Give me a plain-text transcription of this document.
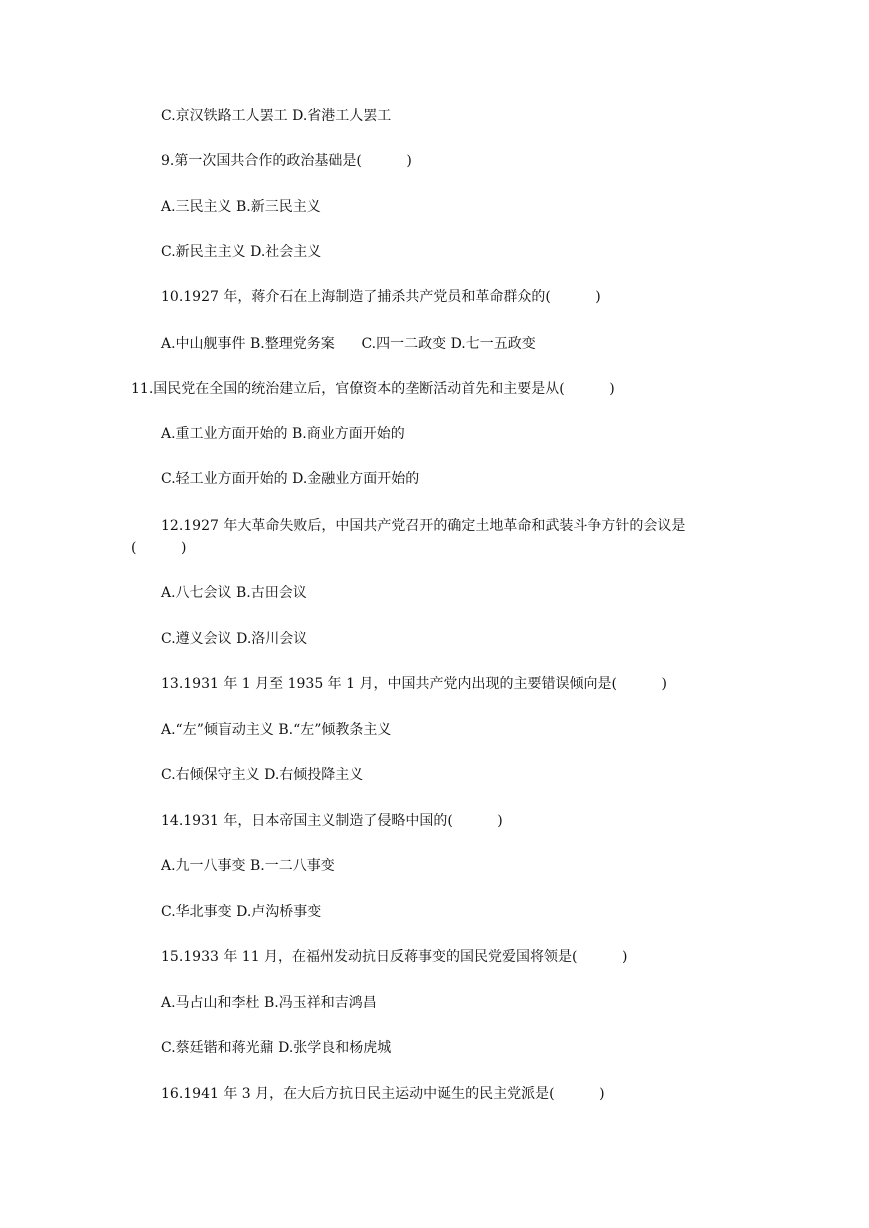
C.京汉铁路工人罢工 D.省港工人罢工
9.第一次国共合作的政治基础是(          )
A.三民主义 B.新三民主义
C.新民主主义 D.社会主义
10.1927 年，蒋介石在上海制造了捕杀共产党员和革命群众的(          )
A.中山舰事件 B.整理党务案      C.四一二政变 D.七一五政变
11.国民党在全国的统治建立后，官僚资本的垄断活动首先和主要是从(          )
A.重工业方面开始的 B.商业方面开始的
C.轻工业方面开始的 D.金融业方面开始的
12.1927 年大革命失败后，中国共产党召开的确定土地革命和武装斗争方针的会议是
(          )
A.八七会议 B.古田会议
C.遵义会议 D.洛川会议
13.1931 年 1 月至 1935 年 1 月，中国共产党内出现的主要错误倾向是(          )
A.“左”倾盲动主义 B.“左”倾教条主义
C.右倾保守主义 D.右倾投降主义
14.1931 年，日本帝国主义制造了侵略中国的(          )
A.九一八事变 B.一二八事变
C.华北事变 D.卢沟桥事变
15.1933 年 11 月，在福州发动抗日反蒋事变的国民党爱国将领是(          )
A.马占山和李杜 B.冯玉祥和吉鸿昌
C.蔡廷锴和蒋光鼐 D.张学良和杨虎城
16.1941 年 3 月，在大后方抗日民主运动中诞生的民主党派是(          )
